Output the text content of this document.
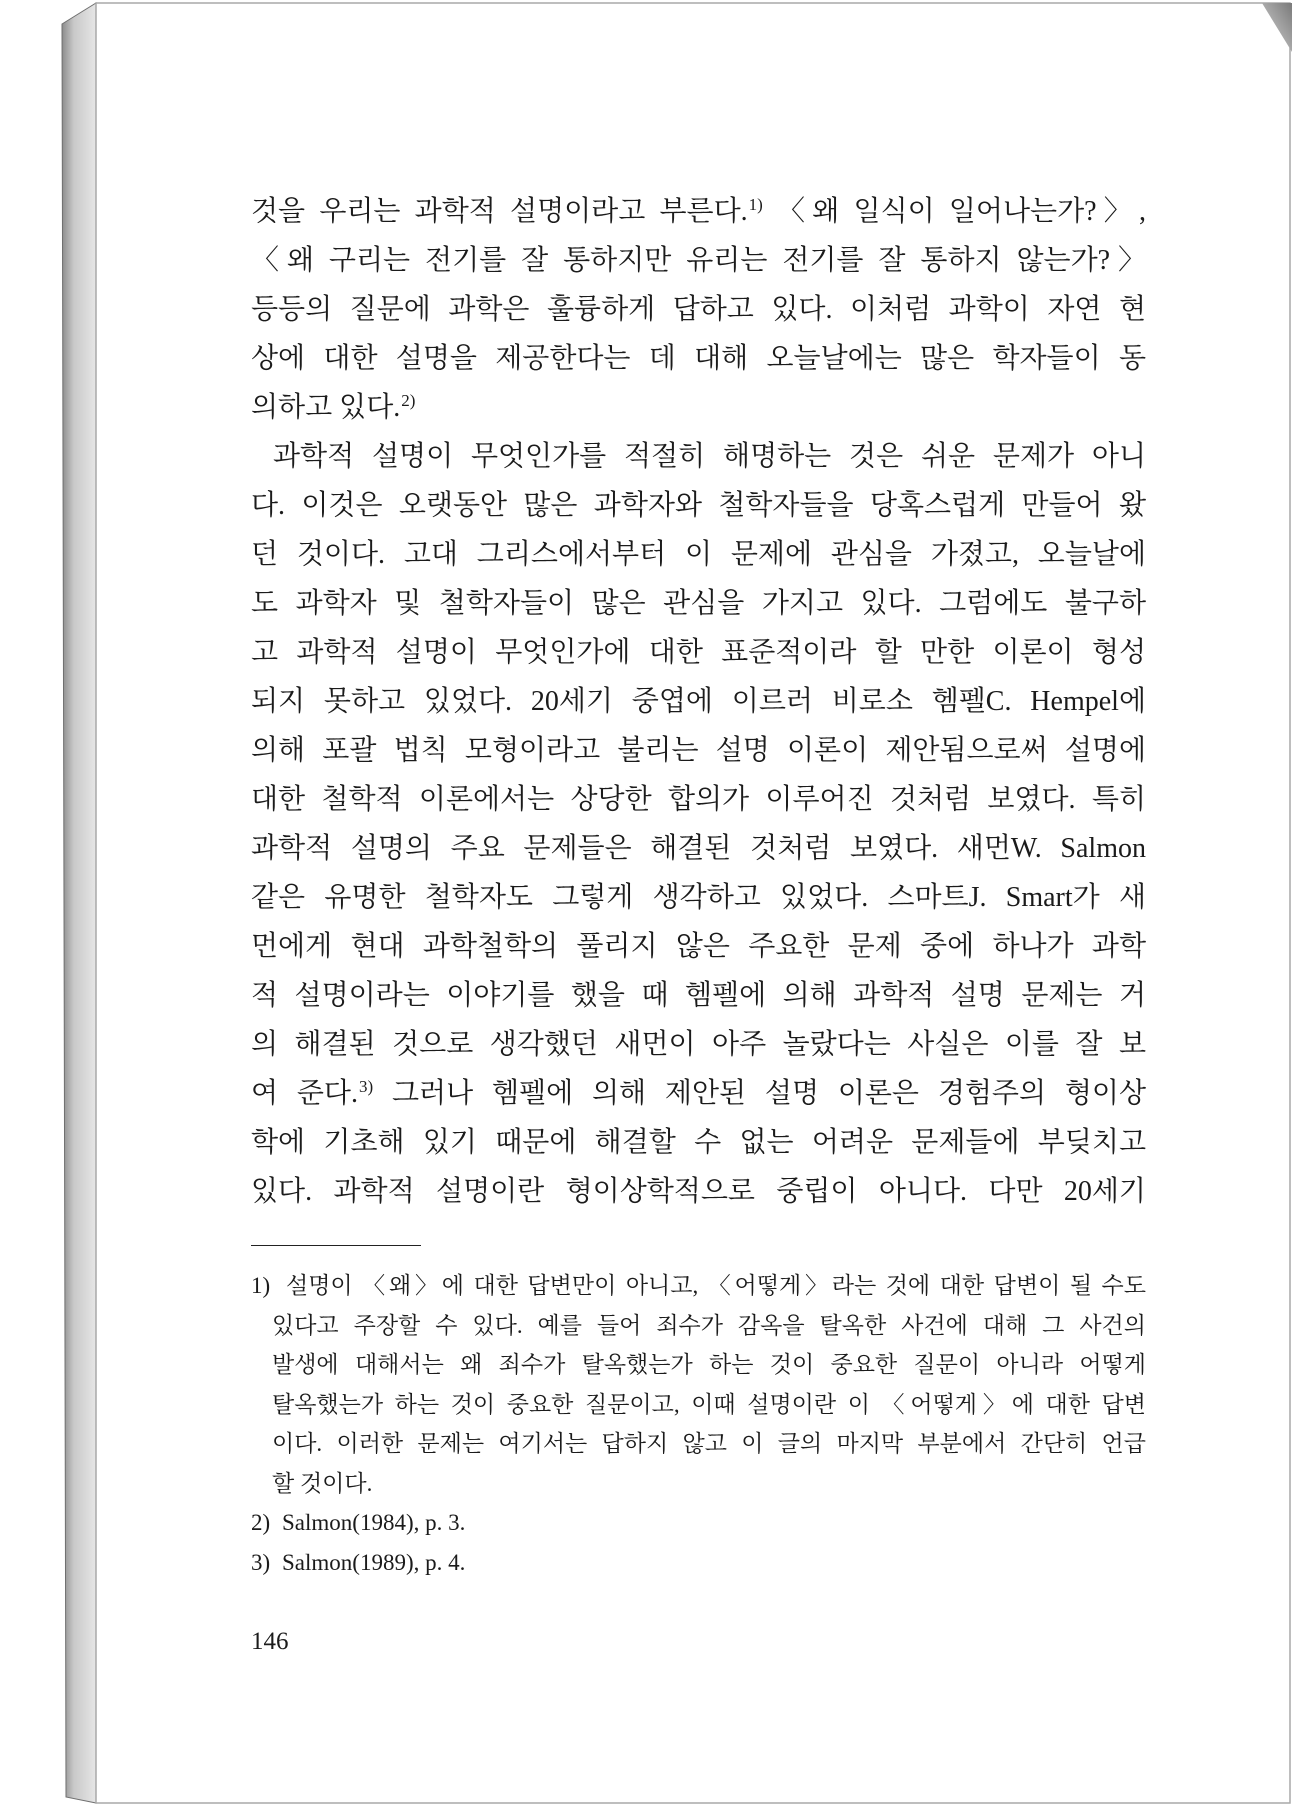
것을 우리는 과학적 설명이라고 부른다.$^{1)}$ 〈왜 일식이 일어나는가?〉,
〈왜 구리는 전기를 잘 통하지만 유리는 전기를 잘 통하지 않는가?〉
등등의 질문에 과학은 훌륭하게 답하고 있다. 이처럼 과학이 자연 현
상에 대한 설명을 제공한다는 데 대해 오늘날에는 많은 학자들이 동
의하고 있다.$^{2)}$
과학적 설명이 무엇인가를 적절히 해명하는 것은 쉬운 문제가 아니
다. 이것은 오랫동안 많은 과학자와 철학자들을 당혹스럽게 만들어 왔
던 것이다. 고대 그리스에서부터 이 문제에 관심을 가졌고, 오늘날에
도 과학자 및 철학자들이 많은 관심을 가지고 있다. 그럼에도 불구하
고 과학적 설명이 무엇인가에 대한 표준적이라 할 만한 이론이 형성
되지 못하고 있었다. 20세기 중엽에 이르러 비로소 헴펠C. Hempel에
의해 포괄 법칙 모형이라고 불리는 설명 이론이 제안됨으로써 설명에
대한 철학적 이론에서는 상당한 합의가 이루어진 것처럼 보였다. 특히
과학적 설명의 주요 문제들은 해결된 것처럼 보였다. 새먼W. Salmon
같은 유명한 철학자도 그렇게 생각하고 있었다. 스마트J. Smart가 새
먼에게 현대 과학철학의 풀리지 않은 주요한 문제 중에 하나가 과학
적 설명이라는 이야기를 했을 때 헴펠에 의해 과학적 설명 문제는 거
의 해결된 것으로 생각했던 새먼이 아주 놀랐다는 사실은 이를 잘 보
여 준다.$^{3)}$ 그러나 헴펠에 의해 제안된 설명 이론은 경험주의 형이상
학에 기초해 있기 때문에 해결할 수 없는 어려운 문제들에 부딪치고
있다. 과학적 설명이란 형이상학적으로 중립이 아니다. 다만 20세기
1) 설명이 〈왜〉에 대한 답변만이 아니고, 〈어떻게〉라는 것에 대한 답변이 될 수도
있다고 주장할 수 있다. 예를 들어 죄수가 감옥을 탈옥한 사건에 대해 그 사건의
발생에 대해서는 왜 죄수가 탈옥했는가 하는 것이 중요한 질문이 아니라 어떻게
탈옥했는가 하는 것이 중요한 질문이고, 이때 설명이란 이 〈어떻게〉에 대한 답변
이다. 이러한 문제는 여기서는 답하지 않고 이 글의 마지막 부분에서 간단히 언급
할 것이다.
2) Salmon(1984), p. 3.
3) Salmon(1989), p. 4.
146
